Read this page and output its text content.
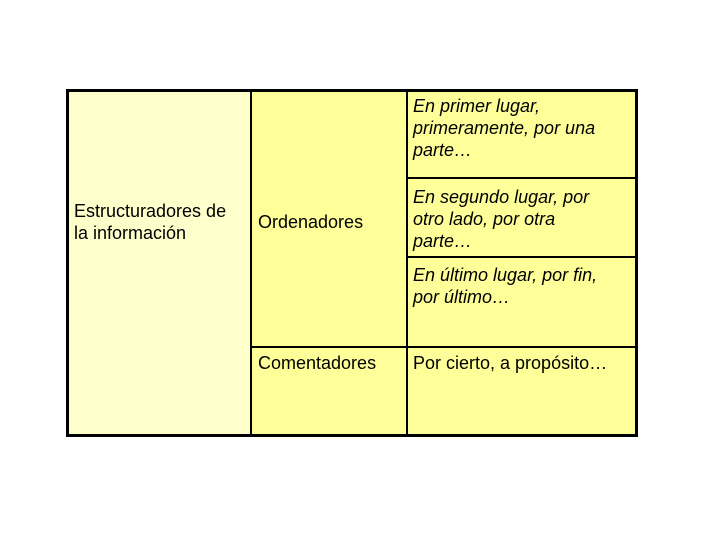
Estructuradores de
la información
Ordenadores
Comentadores
En primer lugar,
primeramente, por una
parte…
En segundo lugar, por
otro lado, por otra
parte…
En último lugar, por fin,
por último…
Por cierto, a propósito…
